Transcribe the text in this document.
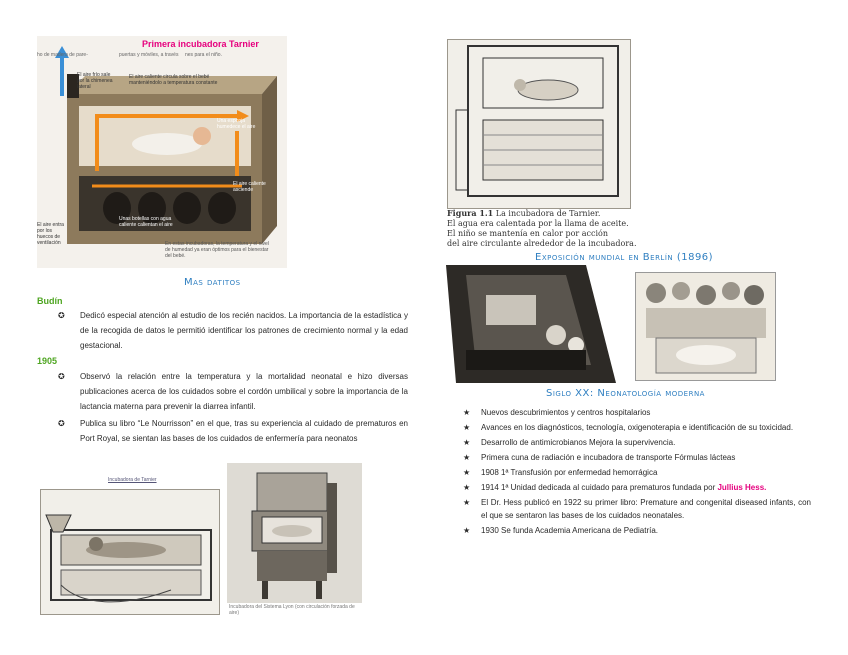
Primera incubadora Tarnier
ho de madera de pare-	puertas y móviles, a través nes para el niño.
El aire frío sale por la chimenea lateral
El aire caliente circula sobre el bebé manteniéndolo a temperatura constante
Una esponja humedece el aire
El aire caliente asciende
Unas botellas con agua caliente calientan el aire
El aire entra por los huecos de ventilación	En estas incubadoras, la temperatura y el nivel de humedad ya eran óptimos para el bienestar del bebé.
Mas datitos
Budín
✪ Dedicó especial atención al estudio de los recién nacidos. La importancia de la estadística y de la recogida de datos le permitió identificar los patrones de crecimiento normal y la edad gestacional.
1905
✪ Observó la relación entre la temperatura y la mortalidad neonatal e hizo diversas publicaciones acerca de los cuidados sobre el cordón umbilical y sobre la importancia de la lactancia materna para prevenir la diarrea infantil.
✪ Publica su libro “Le Nourrisson” en el que, tras su experiencia al cuidado de prematuros en Port Royal, se sientan las bases de los cuidados de enfermería para neonatos
Incubadora de Tarnier
Incubadora del Sistema Lyon (con circulación forzada de aire)
Figura 1.1 La incubadora de Tarnier.
El agua era calentada por la llama de aceite.
El niño se mantenía en calor por acción
del aire circulante alrededor de la incubadora.
Exposición mundial en Berlín (1896)
Siglo XX: Neonatología moderna
★ Nuevos descubrimientos y centros hospitalarios
★ Avances en los diagnósticos, tecnología, oxigenoterapia e identificación de su toxicidad.
★ Desarrollo de antimicrobianos Mejora la supervivencia.
★ Primera cuna de radiación e incubadora de transporte Fórmulas lácteas
★ 1908 1ª Transfusión por enfermedad hemorrágica
★ 1914 1ª Unidad dedicada al cuidado para prematuros fundada por Jullius Hess.
★ El Dr. Hess publicó en 1922 su primer libro: Premature and congenital diseased infants, con el que se sentaron las bases de los cuidados neonatales.
★ 1930 Se funda Academia Americana de Pediatría.
